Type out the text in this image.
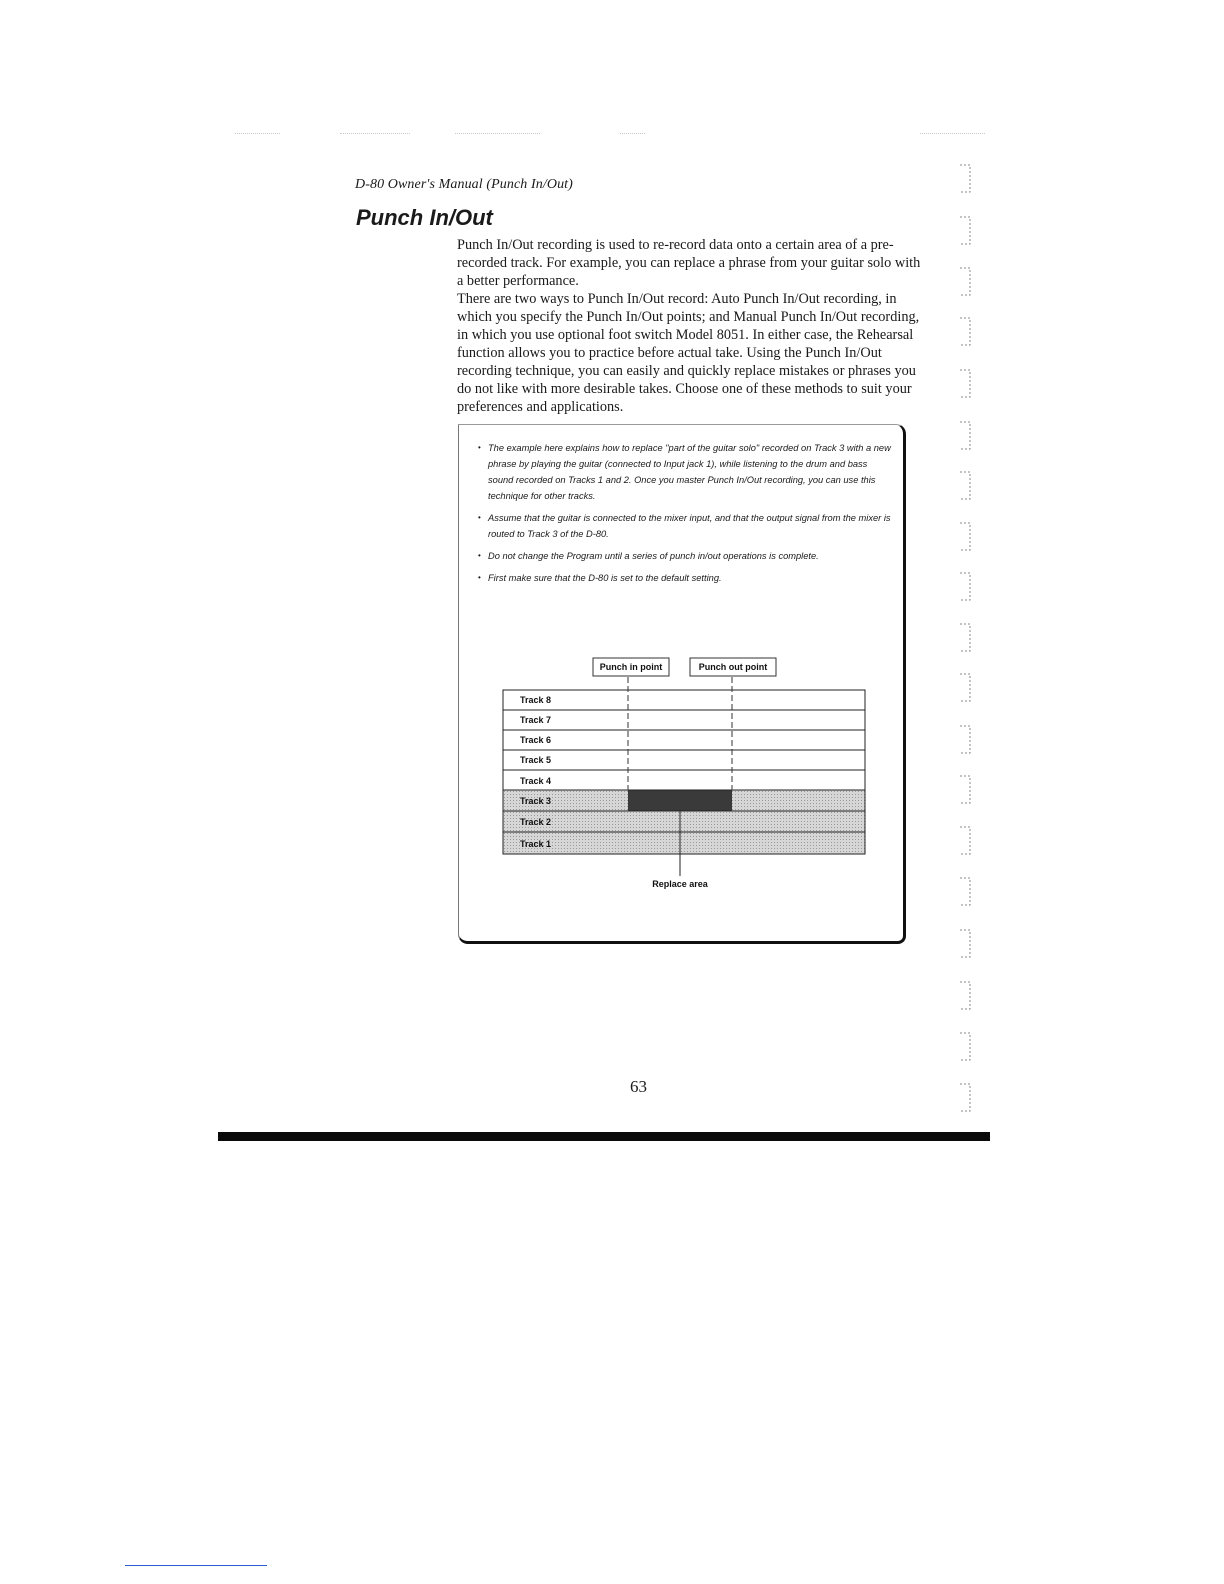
D-80 Owner's Manual (Punch In/Out)
Punch In/Out

Punch In/Out recording is used to re-record data onto a certain area of a pre-recorded track. For example, you can replace a phrase from your guitar solo with a better performance.

There are two ways to Punch In/Out record: Auto Punch In/Out recording, in which you specify the Punch In/Out points; and Manual Punch In/Out recording, in which you use optional foot switch Model 8051. In either case, the Rehearsal function allows you to practice before actual take. Using the Punch In/Out recording technique, you can easily and quickly replace mistakes or phrases you do not like with more desirable takes. Choose one of these methods to suit your preferences and applications.

• The example here explains how to replace "part of the guitar solo" recorded on Track 3 with a new phrase by playing the guitar (connected to Input jack 1), while listening to the drum and bass sound recorded on Tracks 1 and 2. Once you master Punch In/Out recording, you can use this technique for other tracks.
• Assume that the guitar is connected to the mixer input, and that the output signal from the mixer is routed to Track 3 of the D-80.
• Do not change the Program until a series of punch in/out operations is complete.
• First make sure that the D-80 is set to the default setting.
Punch in point	Punch out point
Track 8
Track 7
Track 6
Track 5
Track 4
Track 3
Track 2
Track 1
Replace area
63
